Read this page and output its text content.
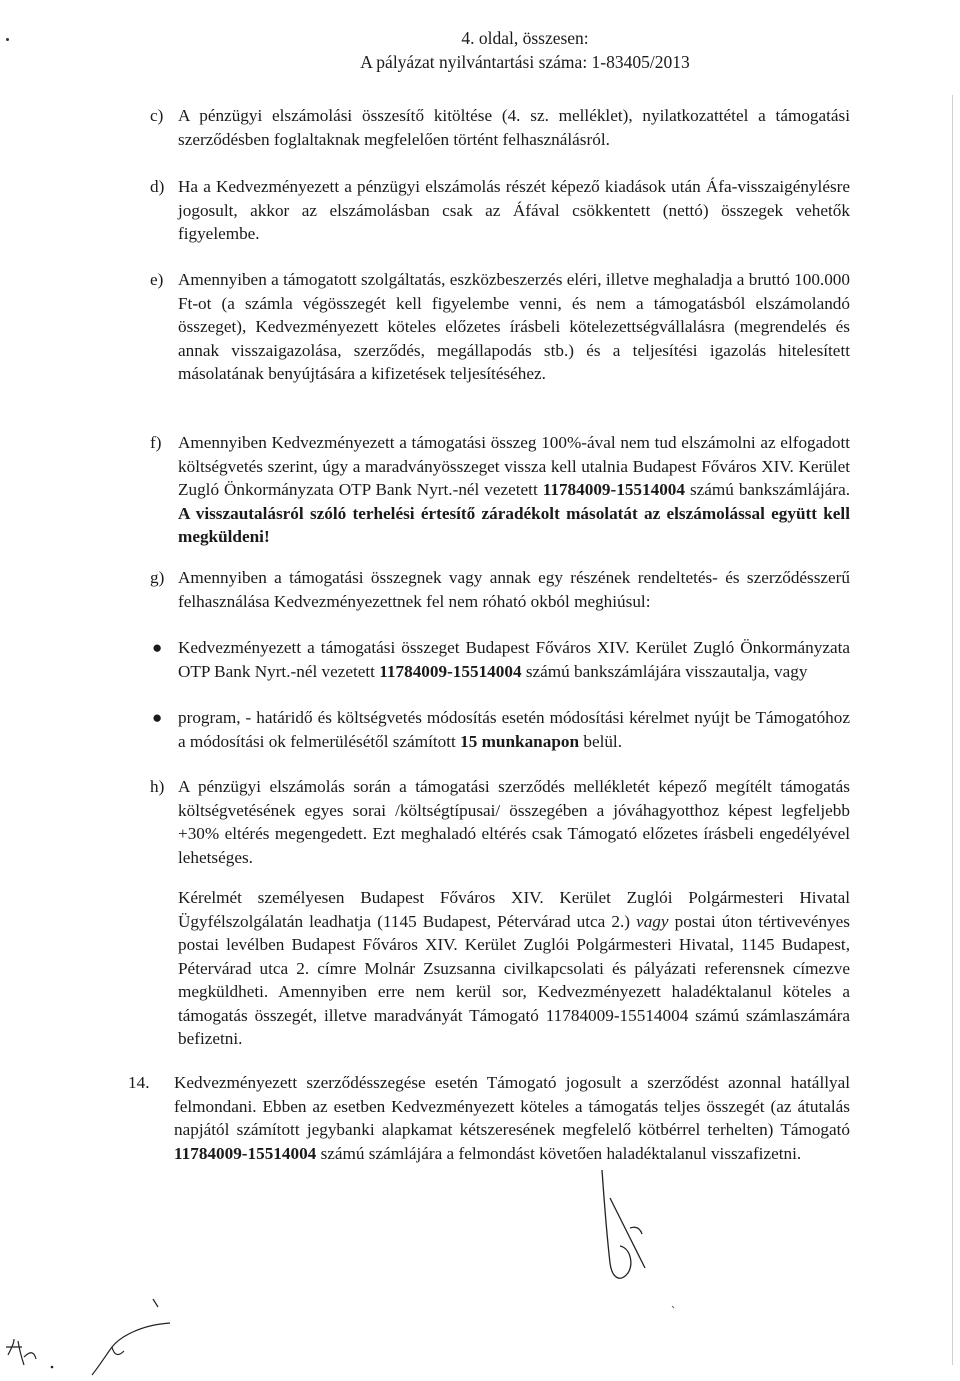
4. oldal, összesen:
A pályázat nyilvántartási száma: 1-83405/2013
c) A pénzügyi elszámolási összesítő kitöltése (4. sz. melléklet), nyilatkozattétel a támogatási szerződésben foglaltaknak megfelelően történt felhasználásról.
d) Ha a Kedvezményezett a pénzügyi elszámolás részét képező kiadások után Áfa-visszaigénylésre jogosult, akkor az elszámolásban csak az Áfával csökkentett (nettó) összegek vehetők figyelembe.
e) Amennyiben a támogatott szolgáltatás, eszközbeszerzés eléri, illetve meghaladja a bruttó 100.000 Ft-ot (a számla végösszegét kell figyelembe venni, és nem a támogatásból elszámolandó összeget), Kedvezményezett köteles előzetes írásbeli kötelezettségvállalásra (megrendelés és annak visszaigazolása, szerződés, megállapodás stb.) és a teljesítési igazolás hitelesített másolatának benyújtására a kifizetések teljesítéséhez.
f) Amennyiben Kedvezményezett a támogatási összeg 100%-ával nem tud elszámolni az elfogadott költségvetés szerint, úgy a maradványösszeget vissza kell utalnia Budapest Főváros XIV. Kerület Zugló Önkormányzata OTP Bank Nyrt.-nél vezetett 11784009-15514004 számú bankszámlájára. A visszautalásról szóló terhelési értesítő záradékolt másolatát az elszámolással együtt kell megküldeni!
g) Amennyiben a támogatási összegnek vagy annak egy részének rendeltetés- és szerződésszerű felhasználása Kedvezményezettnek fel nem róható okból meghiúsul:
● Kedvezményezett a támogatási összeget Budapest Főváros XIV. Kerület Zugló Önkormányzata OTP Bank Nyrt.-nél vezetett 11784009-15514004 számú bankszámlájára visszautalja, vagy
● program, - határidő és költségvetés módosítás esetén módosítási kérelmet nyújt be Támogatóhoz a módosítási ok felmerülésétől számított 15 munkanapon belül.
h) A pénzügyi elszámolás során a támogatási szerződés mellékletét képező megítélt támogatás költségvetésének egyes sorai /költségtípusai/ összegében a jóváhagyotthoz képest legfeljebb +30% eltérés megengedett. Ezt meghaladó eltérés csak Támogató előzetes írásbeli engedélyével lehetséges.
Kérelmét személyesen Budapest Főváros XIV. Kerület Zuglói Polgármesteri Hivatal Ügyfélszolgálatán leadhatja (1145 Budapest, Pétervárad utca 2.) vagy postai úton tértivevényes postai levélben Budapest Főváros XIV. Kerület Zuglói Polgármesteri Hivatal, 1145 Budapest, Pétervárad utca 2. címre Molnár Zsuzsanna civilkapcsolati és pályázati referensnek címezve megküldheti. Amennyiben erre nem kerül sor, Kedvezményezett haladéktalanul köteles a támogatás összegét, illetve maradványát Támogató 11784009-15514004 számú számlaszámára befizetni.
14. Kedvezményezett szerződésszegése esetén Támogató jogosult a szerződést azonnal hatállyal felmondani. Ebben az esetben Kedvezményezett köteles a támogatás teljes összegét (az átutalás napjától számított jegybanki alapkamat kétszeresének megfelelő kötbérrel terhelten) Támogató 11784009-15514004 számú számlájára a felmondást követően haladéktalanul visszafizetni.
